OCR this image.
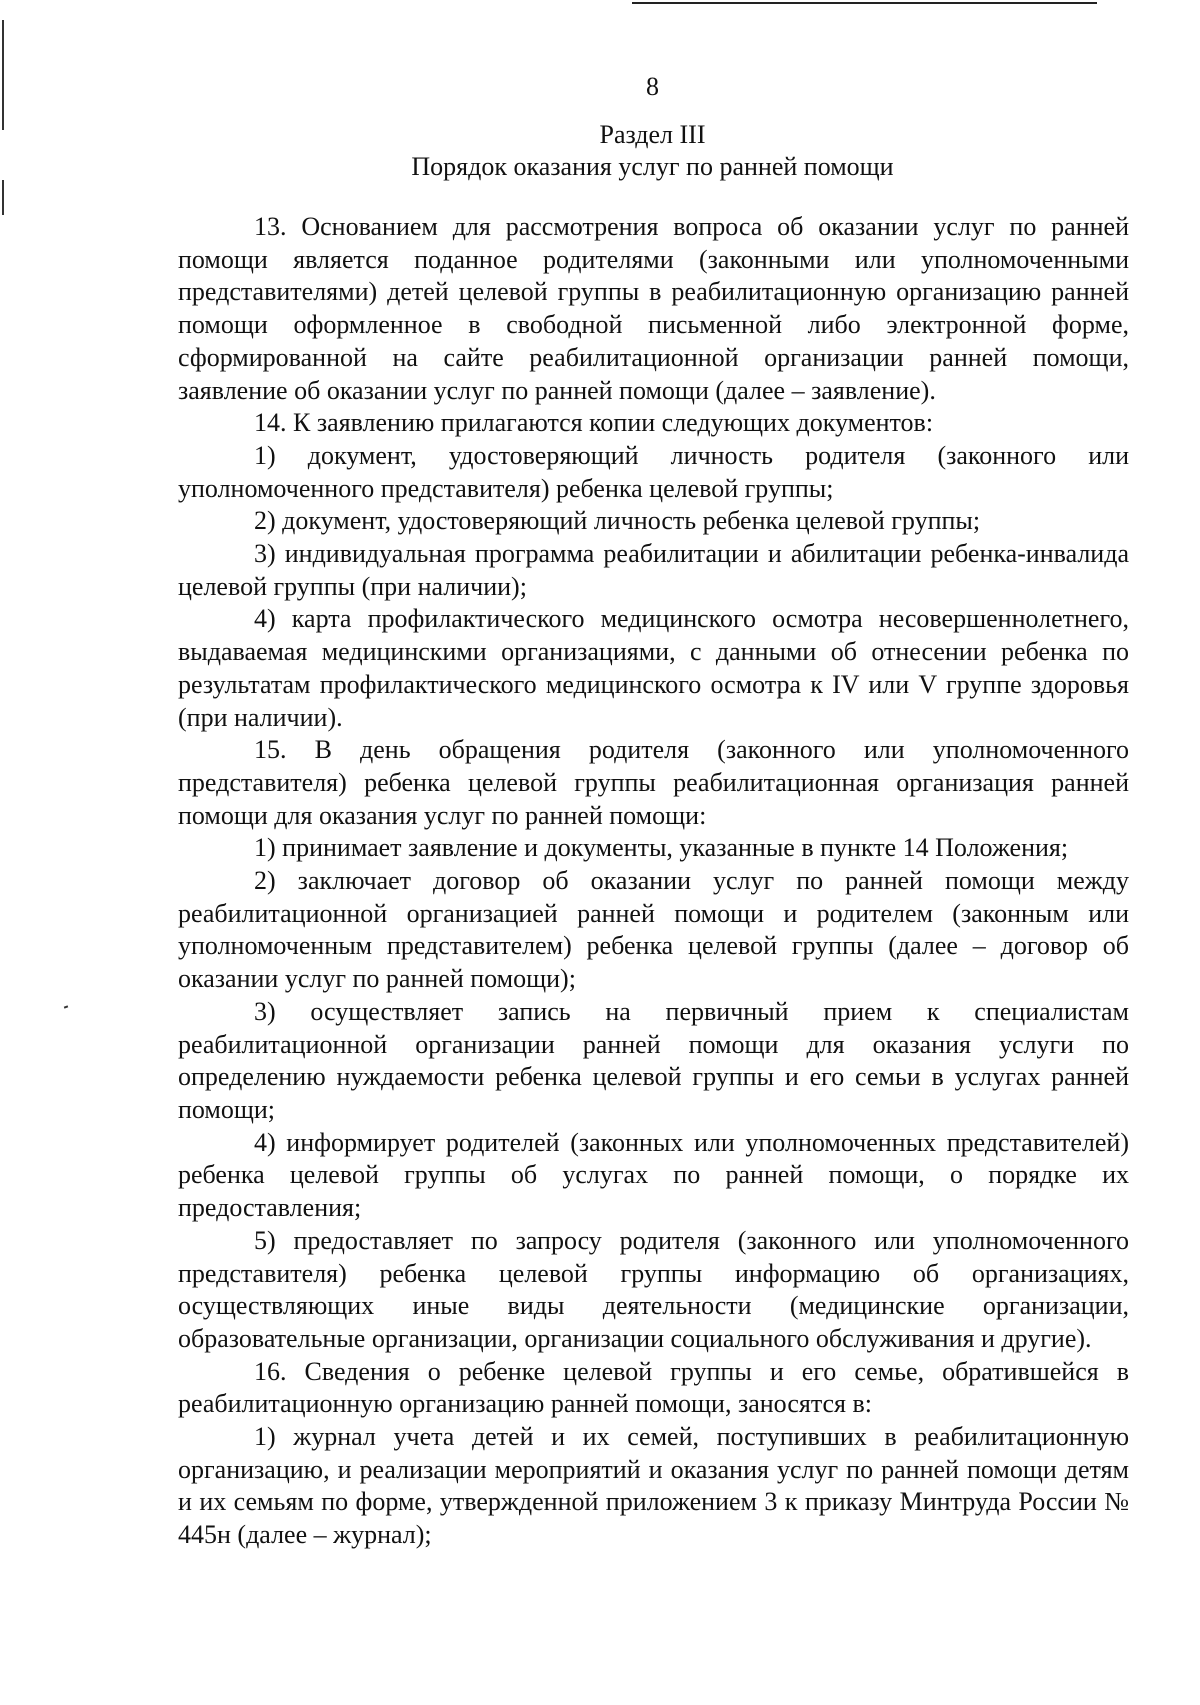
8
Раздел III
Порядок оказания услуг по ранней помощи

13. Основанием для рассмотрения вопроса об оказании услуг по ранней помощи является поданное родителями (законными или уполномоченными представителями) детей целевой группы в реабилитационную организацию ранней помощи оформленное в свободной письменной либо электронной форме, сформированной на сайте реабилитационной организации ранней помощи, заявление об оказании услуг по ранней помощи (далее – заявление).

14. К заявлению прилагаются копии следующих документов:

1) документ, удостоверяющий личность родителя (законного или уполномоченного представителя) ребенка целевой группы;

2) документ, удостоверяющий личность ребенка целевой группы;

3) индивидуальная программа реабилитации и абилитации ребенка-инвалида целевой группы (при наличии);

4) карта профилактического медицинского осмотра несовершеннолетнего, выдаваемая медицинскими организациями, с данными об отнесении ребенка по результатам профилактического медицинского осмотра к IV или V группе здоровья (при наличии).

15. В день обращения родителя (законного или уполномоченного представителя) ребенка целевой группы реабилитационная организация ранней помощи для оказания услуг по ранней помощи:

1) принимает заявление и документы, указанные в пункте 14 Положения;

2) заключает договор об оказании услуг по ранней помощи между реабилитационной организацией ранней помощи и родителем (законным или уполномоченным представителем) ребенка целевой группы (далее – договор об оказании услуг по ранней помощи);

3) осуществляет запись на первичный прием к специалистам реабилитационной организации ранней помощи для оказания услуги по определению нуждаемости ребенка целевой группы и его семьи в услугах ранней помощи;

4) информирует родителей (законных или уполномоченных представителей) ребенка целевой группы об услугах по ранней помощи, о порядке их предоставления;

5) предоставляет по запросу родителя (законного или уполномоченного представителя) ребенка целевой группы информацию об организациях, осуществляющих иные виды деятельности (медицинские организации, образовательные организации, организации социального обслуживания и другие).

16. Сведения о ребенке целевой группы и его семье, обратившейся в реабилитационную организацию ранней помощи, заносятся в:

1) журнал учета детей и их семей, поступивших в реабилитационную организацию, и реализации мероприятий и оказания услуг по ранней помощи детям и их семьям по форме, утвержденной приложением 3 к приказу Минтруда России № 445н (далее – журнал);
